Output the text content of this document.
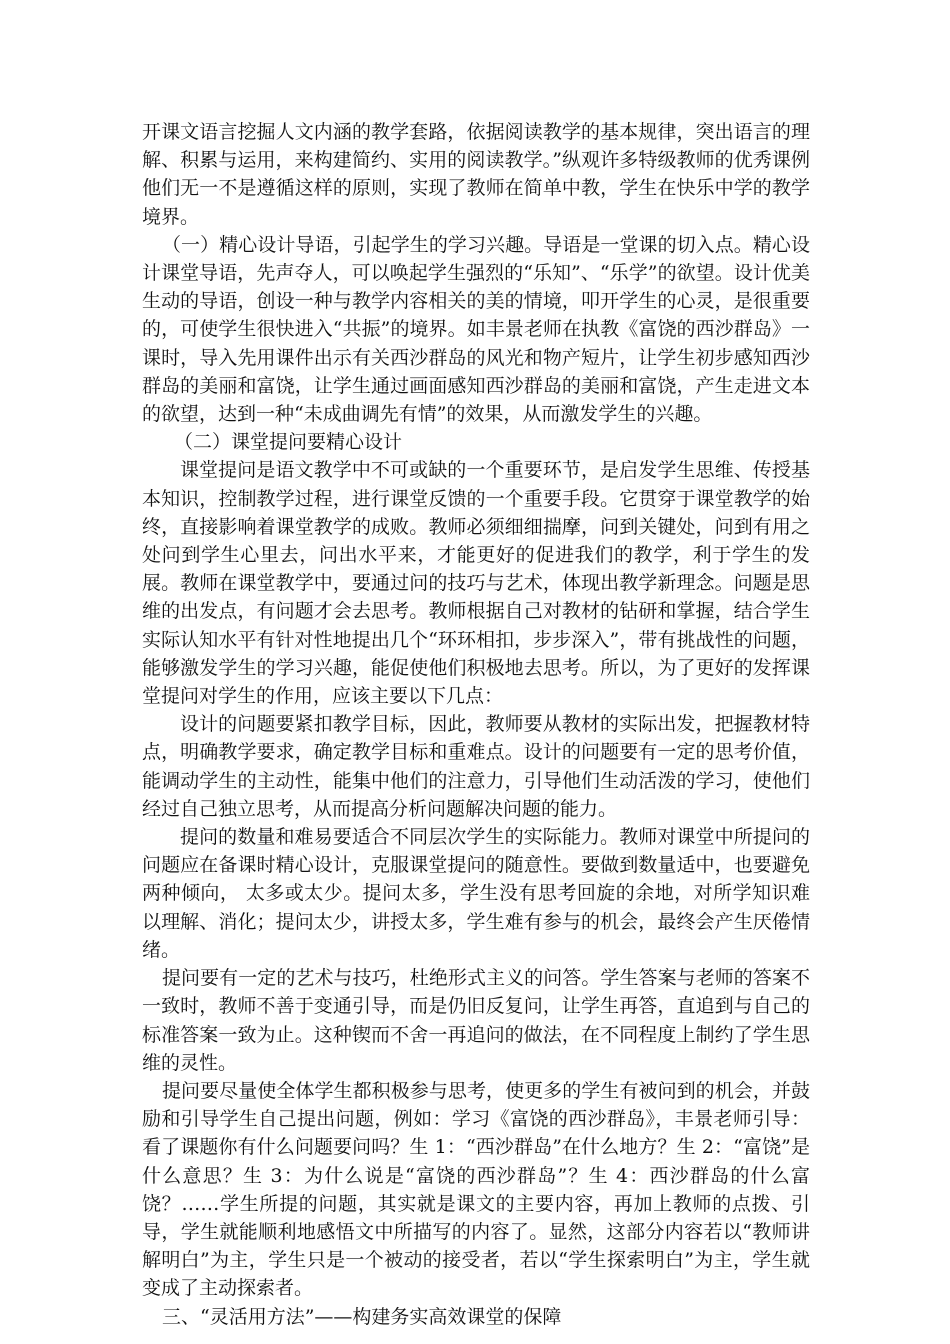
开课文语言挖掘人文内涵的教学套路，依据阅读教学的基本规律，突出语言的理解、积累与运用，来构建简约、实用的阅读教学。”纵观许多特级教师的优秀课例他们无一不是遵循这样的原则，实现了教师在简单中教，学生在快乐中学的教学境界。

（一）精心设计导语，引起学生的学习兴趣。导语是一堂课的切入点。精心设计课堂导语，先声夺人，可以唤起学生强烈的“乐知”、“乐学”的欲望。设计优美生动的导语，创设一种与教学内容相关的美的情境，叩开学生的心灵，是很重要的，可使学生很快进入“共振”的境界。如丰景老师在执教《富饶的西沙群岛》一课时，导入先用课件出示有关西沙群岛的风光和物产短片，让学生初步感知西沙群岛的美丽和富饶，让学生通过画面感知西沙群岛的美丽和富饶，产生走进文本的欲望，达到一种“未成曲调先有情”的效果，从而激发学生的兴趣。

（二）课堂提问要精心设计

课堂提问是语文教学中不可或缺的一个重要环节，是启发学生思维、传授基本知识，控制教学过程，进行课堂反馈的一个重要手段。它贯穿于课堂教学的始终，直接影响着课堂教学的成败。教师必须细细揣摩，问到关键处，问到有用之处问到学生心里去，问出水平来，才能更好的促进我们的教学，利于学生的发展。教师在课堂教学中，要通过问的技巧与艺术，体现出教学新理念。问题是思维的出发点，有问题才会去思考。教师根据自己对教材的钻研和掌握，结合学生实际认知水平有针对性地提出几个“环环相扣，步步深入”，带有挑战性的问题，能够激发学生的学习兴趣，能促使他们积极地去思考。所以，为了更好的发挥课堂提问对学生的作用，应该主要以下几点：

设计的问题要紧扣教学目标，因此，教师要从教材的实际出发，把握教材特点，明确教学要求，确定教学目标和重难点。设计的问题要有一定的思考价值，能调动学生的主动性，能集中他们的注意力，引导他们生动活泼的学习，使他们经过自己独立思考，从而提高分析问题解决问题的能力。

提问的数量和难易要适合不同层次学生的实际能力。教师对课堂中所提问的问题应在备课时精心设计，克服课堂提问的随意性。要做到数量适中，也要避免两种倾向， 太多或太少。提问太多，学生没有思考回旋的余地，对所学知识难以理解、消化；提问太少，讲授太多，学生难有参与的机会，最终会产生厌倦情绪。

提问要有一定的艺术与技巧，杜绝形式主义的问答。学生答案与老师的答案不一致时，教师不善于变通引导，而是仍旧反复问，让学生再答，直追到与自己的标准答案一致为止。这种锲而不舍一再追问的做法，在不同程度上制约了学生思维的灵性。

提问要尽量使全体学生都积极参与思考，使更多的学生有被问到的机会，并鼓励和引导学生自己提出问题，例如：学习《富饶的西沙群岛》，丰景老师引导：看了课题你有什么问题要问吗？生 1：“西沙群岛”在什么地方？生 2：“富饶”是什么意思？生 3：为什么说是“富饶的西沙群岛”？生 4：西沙群岛的什么富饶？……学生所提的问题，其实就是课文的主要内容，再加上教师的点拨、引导，学生就能顺利地感悟文中所描写的内容了。显然，这部分内容若以“教师讲解明白”为主，学生只是一个被动的接受者，若以“学生探索明白”为主，学生就变成了主动探索者。

三、“灵活用方法”——构建务实高效课堂的保障
